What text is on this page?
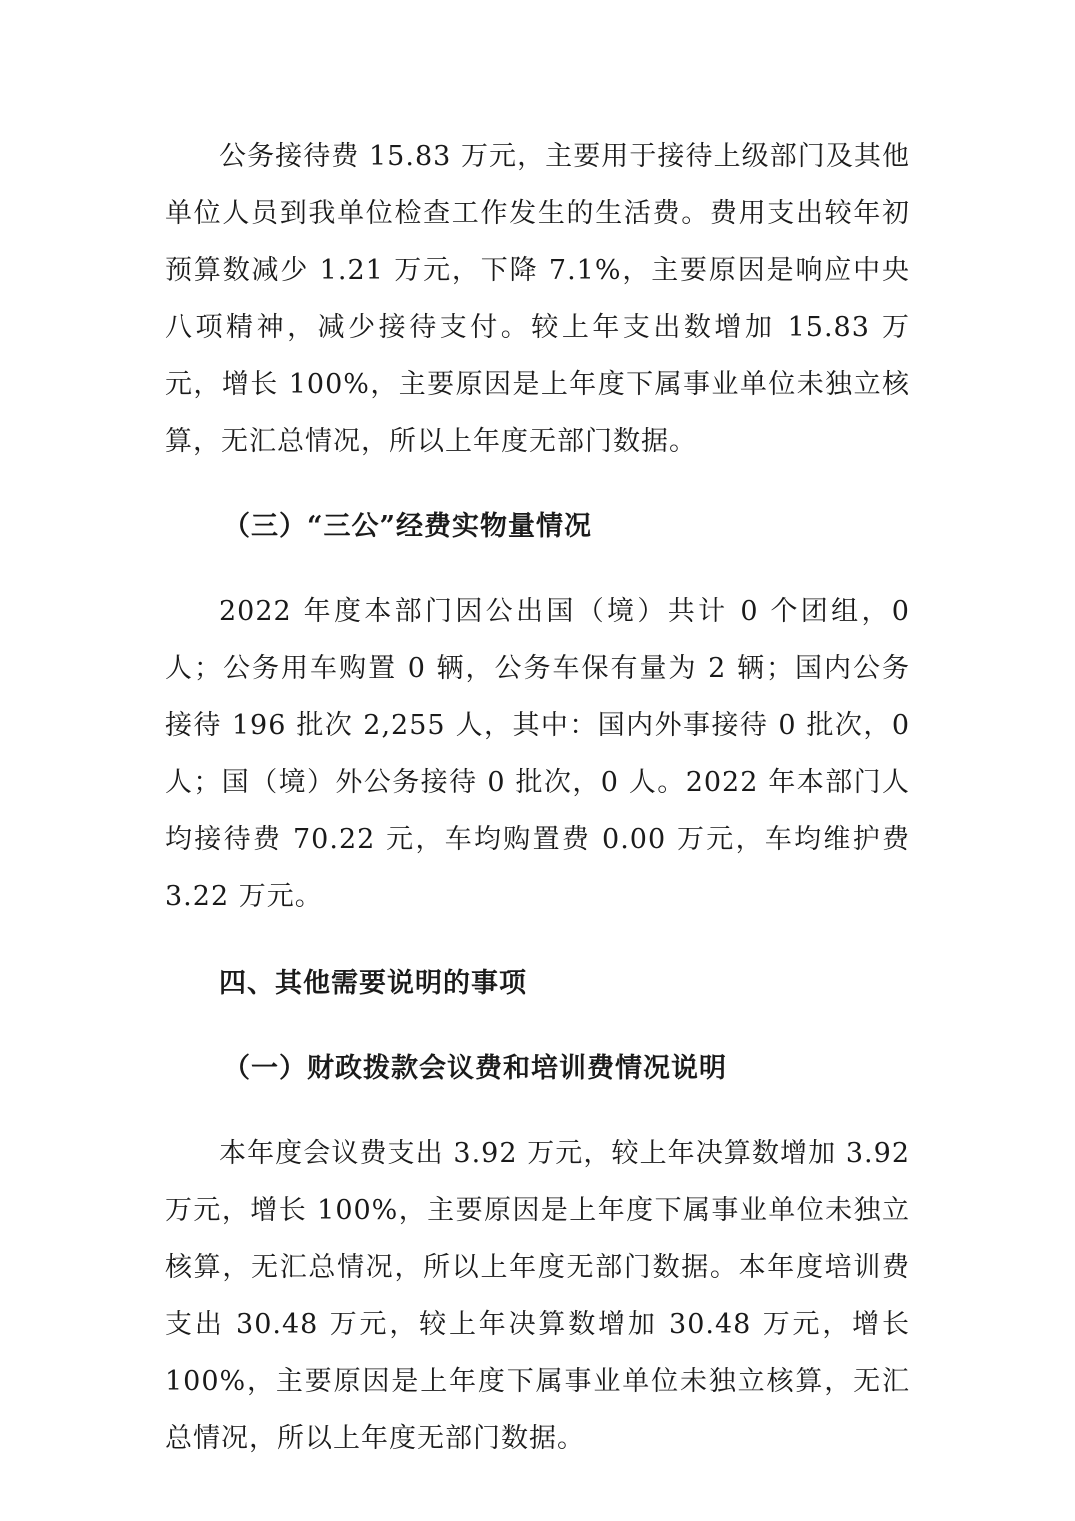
公务接待费 15.83 万元，主要用于接待上级部门及其他单位人员到我单位检查工作发生的生活费。费用支出较年初预算数减少 1.21 万元，下降 7.1%，主要原因是响应中央八项精神，减少接待支付。较上年支出数增加 15.83 万元，增长 100%，主要原因是上年度下属事业单位未独立核算，无汇总情况，所以上年度无部门数据。

（三）“三公”经费实物量情况

2022 年度本部门因公出国（境）共计 0 个团组，0 人；公务用车购置 0 辆，公务车保有量为 2 辆；国内公务接待 196 批次 2,255 人，其中：国内外事接待 0 批次，0 人；国（境）外公务接待 0 批次，0 人。2022 年本部门人均接待费 70.22 元，车均购置费 0.00 万元，车均维护费 3.22 万元。

四、其他需要说明的事项

（一）财政拨款会议费和培训费情况说明

本年度会议费支出 3.92 万元，较上年决算数增加 3.92 万元，增长 100%，主要原因是上年度下属事业单位未独立核算，无汇总情况，所以上年度无部门数据。本年度培训费支出 30.48 万元，较上年决算数增加 30.48 万元，增长 100%，主要原因是上年度下属事业单位未独立核算，无汇总情况，所以上年度无部门数据。
